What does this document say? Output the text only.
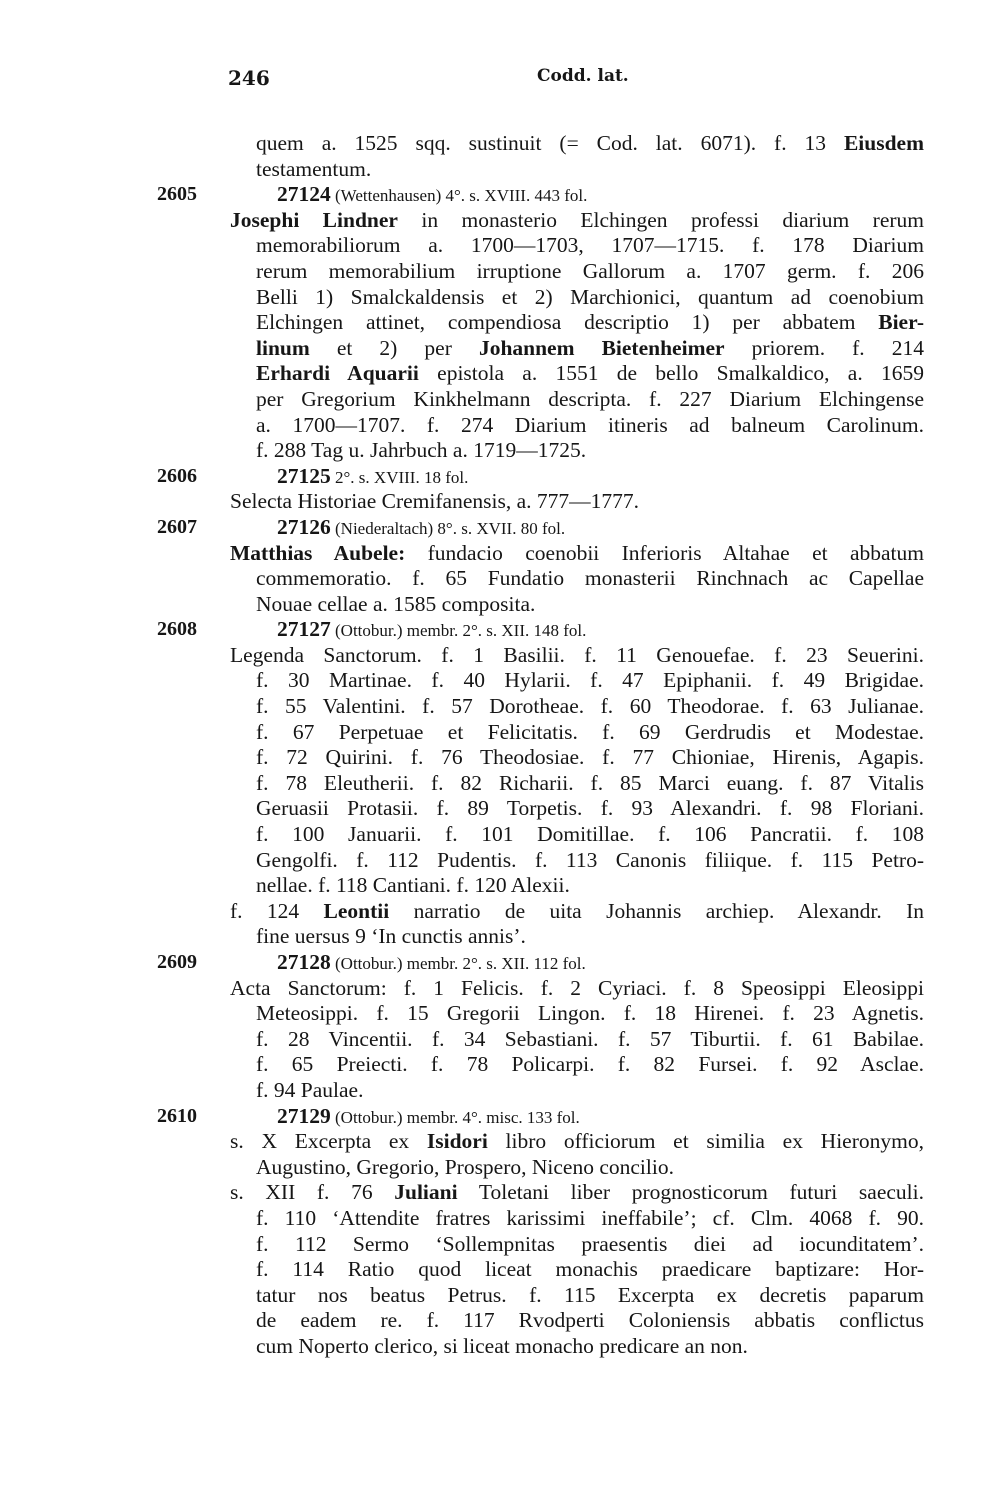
246	Codd. lat.
quem a. 1525 sqq. sustinuit (= Cod. lat. 6071). f. 13 Eiusdem
testamentum.
2605	27124 (Wettenhausen) 4°. s. XVIII. 443 fol.
Josephi Lindner in monasterio Elchingen professi diarium rerum
memorabiliorum a. 1700—1703, 1707—1715. f. 178 Diarium
rerum memorabilium irruptione Gallorum a. 1707 germ. f. 206
Belli 1) Smalckaldensis et 2) Marchionici, quantum ad coenobium
Elchingen attinet, compendiosa descriptio 1) per abbatem Bier-
linum et 2) per Johannem Bietenheimer priorem. f. 214
Erhardi Aquarii epistola a. 1551 de bello Smalkaldico, a. 1659
per Gregorium Kinkhelmann descripta. f. 227 Diarium Elchingense
a. 1700—1707. f. 274 Diarium itineris ad balneum Carolinum.
f. 288 Tag u. Jahrbuch a. 1719—1725.
2606	27125 2°. s. XVIII. 18 fol.
Selecta Historiae Cremifanensis, a. 777—1777.
2607	27126 (Niederaltach) 8°. s. XVII. 80 fol.
Matthias Aubele: fundacio coenobii Inferioris Altahae et abbatum
commemoratio. f. 65 Fundatio monasterii Rinchnach ac Capellae
Nouae cellae a. 1585 composita.
2608	27127 (Ottobur.) membr. 2°. s. XII. 148 fol.
Legenda Sanctorum. f. 1 Basilii. f. 11 Genouefae. f. 23 Seuerini.
f. 30 Martinae. f. 40 Hylarii. f. 47 Epiphanii. f. 49 Brigidae.
f. 55 Valentini. f. 57 Dorotheae. f. 60 Theodorae. f. 63 Julianae.
f. 67 Perpetuae et Felicitatis. f. 69 Gerdrudis et Modestae.
f. 72 Quirini. f. 76 Theodosiae. f. 77 Chioniae, Hirenis, Agapis.
f. 78 Eleutherii. f. 82 Richarii. f. 85 Marci euang. f. 87 Vitalis
Geruasii Protasii. f. 89 Torpetis. f. 93 Alexandri. f. 98 Floriani.
f. 100 Januarii. f. 101 Domitillae. f. 106 Pancratii. f. 108
Gengolfi. f. 112 Pudentis. f. 113 Canonis filiique. f. 115 Petro-
nellae. f. 118 Cantiani. f. 120 Alexii.
f. 124 Leontii narratio de uita Johannis archiep. Alexandr. In
fine uersus 9 ‘In cunctis annis’.
2609	27128 (Ottobur.) membr. 2°. s. XII. 112 fol.
Acta Sanctorum: f. 1 Felicis. f. 2 Cyriaci. f. 8 Speosippi Eleosippi
Meteosippi. f. 15 Gregorii Lingon. f. 18 Hirenei. f. 23 Agnetis.
f. 28 Vincentii. f. 34 Sebastiani. f. 57 Tiburtii. f. 61 Babilae.
f. 65 Preiecti. f. 78 Policarpi. f. 82 Fursei. f. 92 Asclae.
f. 94 Paulae.
2610	27129 (Ottobur.) membr. 4°. misc. 133 fol.
s. X Excerpta ex Isidori libro officiorum et similia ex Hieronymo,
Augustino, Gregorio, Prospero, Niceno concilio.
s. XII f. 76 Juliani Toletani liber prognosticorum futuri saeculi.
f. 110 ‘Attendite fratres karissimi ineffabile’; cf. Clm. 4068 f. 90.
f. 112 Sermo ‘Sollempnitas praesentis diei ad iocunditatem’.
f. 114 Ratio quod liceat monachis praedicare baptizare: Hor-
tatur nos beatus Petrus. f. 115 Excerpta ex decretis paparum
de eadem re. f. 117 Rvodperti Coloniensis abbatis conflictus
cum Noperto clerico, si liceat monacho predicare an non.
